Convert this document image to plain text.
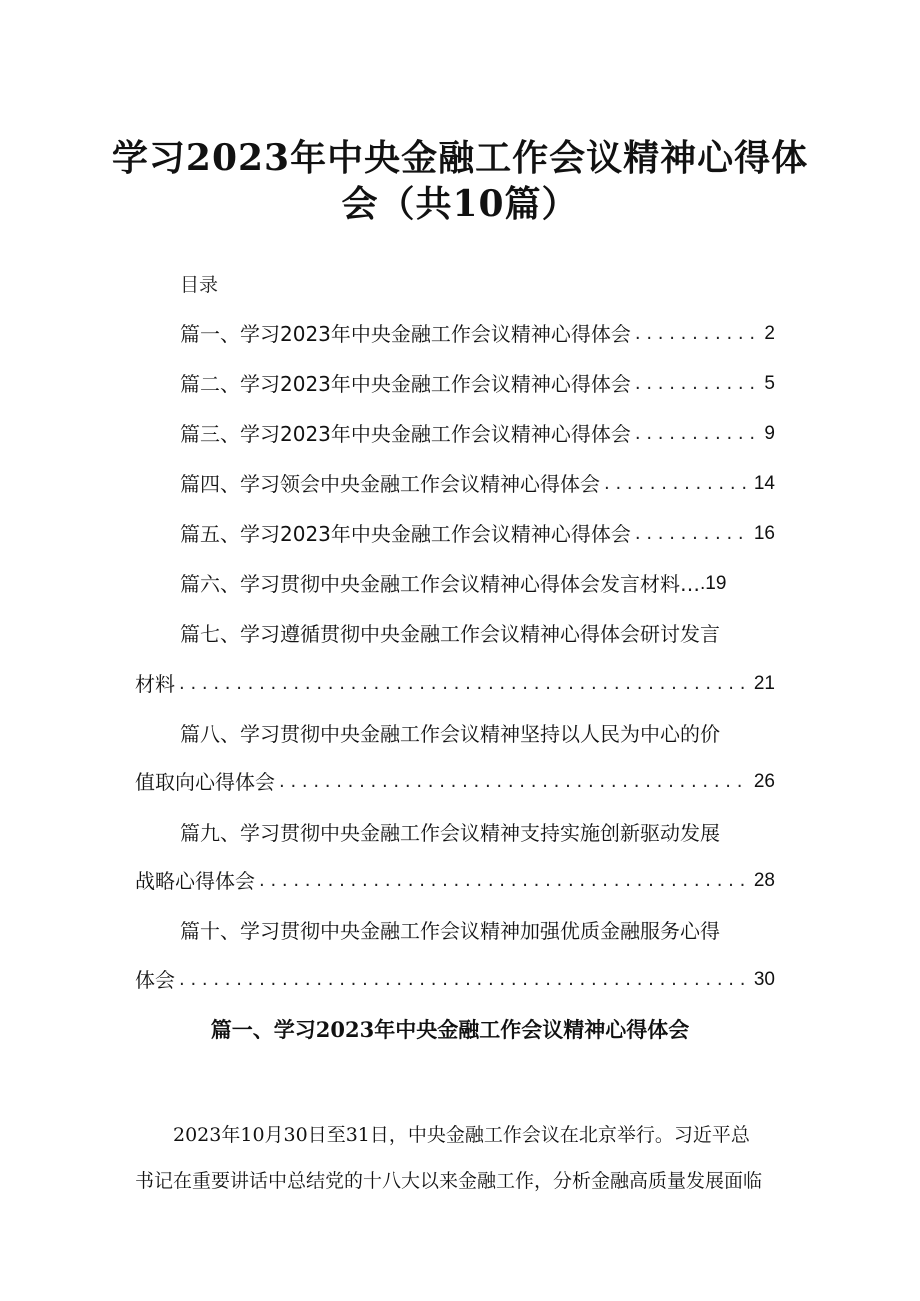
学习2023年中央金融工作会议精神心得体
会（共10篇）
目录
篇一、学习2023年中央金融工作会议精神心得体会 . . .	2
篇二、学习2023年中央金融工作会议精神心得体会 . . .	5
篇三、学习2023年中央金融工作会议精神心得体会 . . .	9
篇四、学习领会中央金融工作会议精神心得体会 . . .	14
篇五、学习2023年中央金融工作会议精神心得体会 . . .	16
篇六、学习贯彻中央金融工作会议精神心得体会发言材料… .19
篇七、学习遵循贯彻中央金融工作会议精神心得体会研讨发言
材料 . . .	21
篇八、学习贯彻中央金融工作会议精神坚持以人民为中心的价
值取向心得体会 . . .	26
篇九、学习贯彻中央金融工作会议精神支持实施创新驱动发展
战略心得体会 . . .	28
篇十、学习贯彻中央金融工作会议精神加强优质金融服务心得
体会 . . .	30
篇一、学习2023年中央金融工作会议精神心得体会

2023年10月30日至31日，中央金融工作会议在北京举行。习近平总
书记在重要讲话中总结党的十八大以来金融工作，分析金融高质量发展面临
